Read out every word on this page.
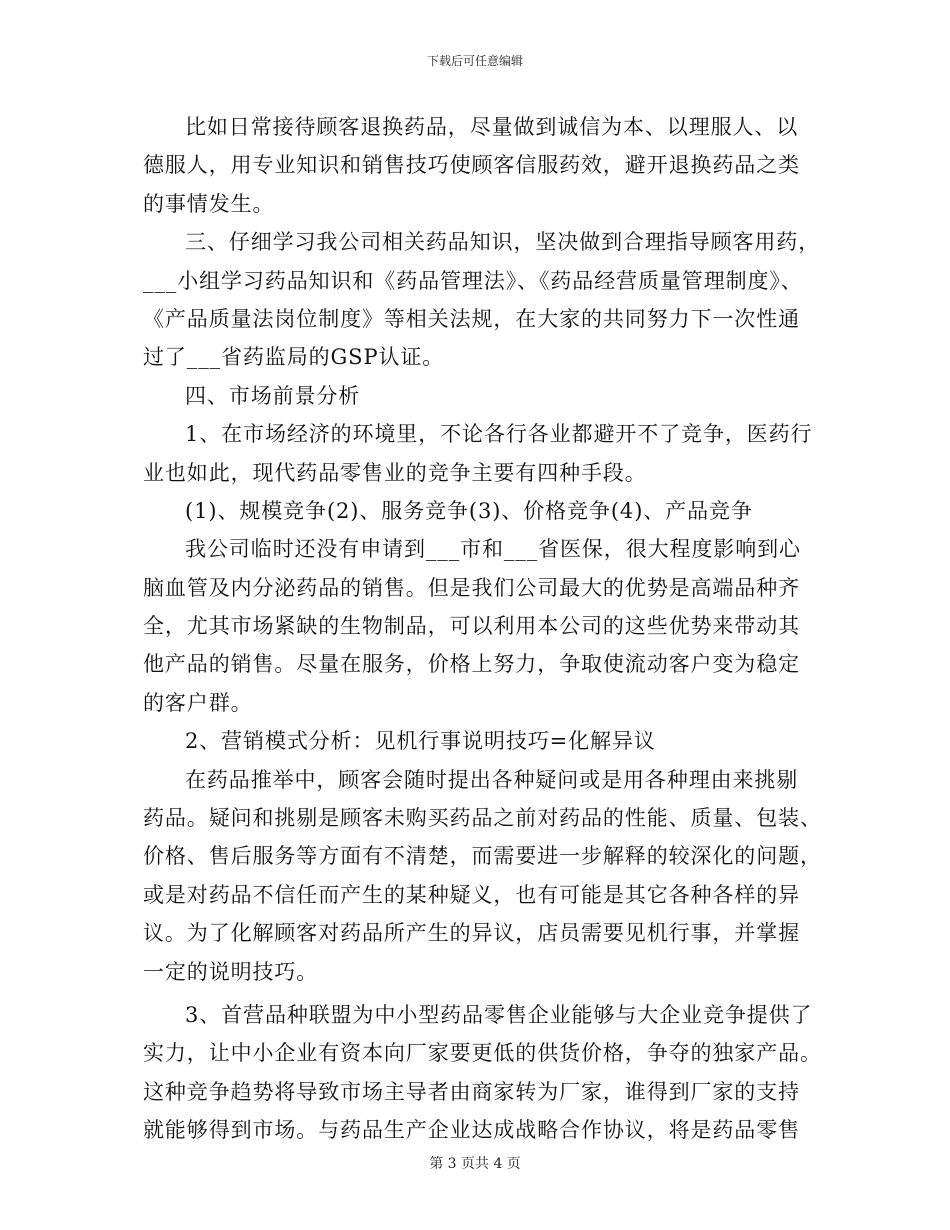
下载后可任意编辑
比如日常接待顾客退换药品，尽量做到诚信为本、以理服人、以
德服人，用专业知识和销售技巧使顾客信服药效，避开退换药品之类
的事情发生。
三、仔细学习我公司相关药品知识，坚决做到合理指导顾客用药，
___小组学习药品知识和《药品管理法》、《药品经营质量管理制度》、
《产品质量法岗位制度》等相关法规，在大家的共同努力下一次性通
过了___省药监局的GSP认证。
四、市场前景分析
1、在市场经济的环境里，不论各行各业都避开不了竞争，医药行
业也如此，现代药品零售业的竞争主要有四种手段。
(1)、规模竞争(2)、服务竞争(3)、价格竞争(4)、产品竞争
我公司临时还没有申请到___市和___省医保，很大程度影响到心
脑血管及内分泌药品的销售。但是我们公司最大的优势是高端品种齐
全，尤其市场紧缺的生物制品，可以利用本公司的这些优势来带动其
他产品的销售。尽量在服务，价格上努力，争取使流动客户变为稳定
的客户群。
2、营销模式分析：见机行事说明技巧=化解异议
在药品推举中，顾客会随时提出各种疑问或是用各种理由来挑剔
药品。疑问和挑剔是顾客未购买药品之前对药品的性能、质量、包装、
价格、售后服务等方面有不清楚，而需要进一步解释的较深化的问题，
或是对药品不信任而产生的某种疑义，也有可能是其它各种各样的异
议。为了化解顾客对药品所产生的异议，店员需要见机行事，并掌握
一定的说明技巧。
3、首营品种联盟为中小型药品零售企业能够与大企业竞争提供了
实力，让中小企业有资本向厂家要更低的供货价格，争夺的独家产品。
这种竞争趋势将导致市场主导者由商家转为厂家，谁得到厂家的支持
就能够得到市场。与药品生产企业达成战略合作协议，将是药品零售
第 3 页共 4 页
